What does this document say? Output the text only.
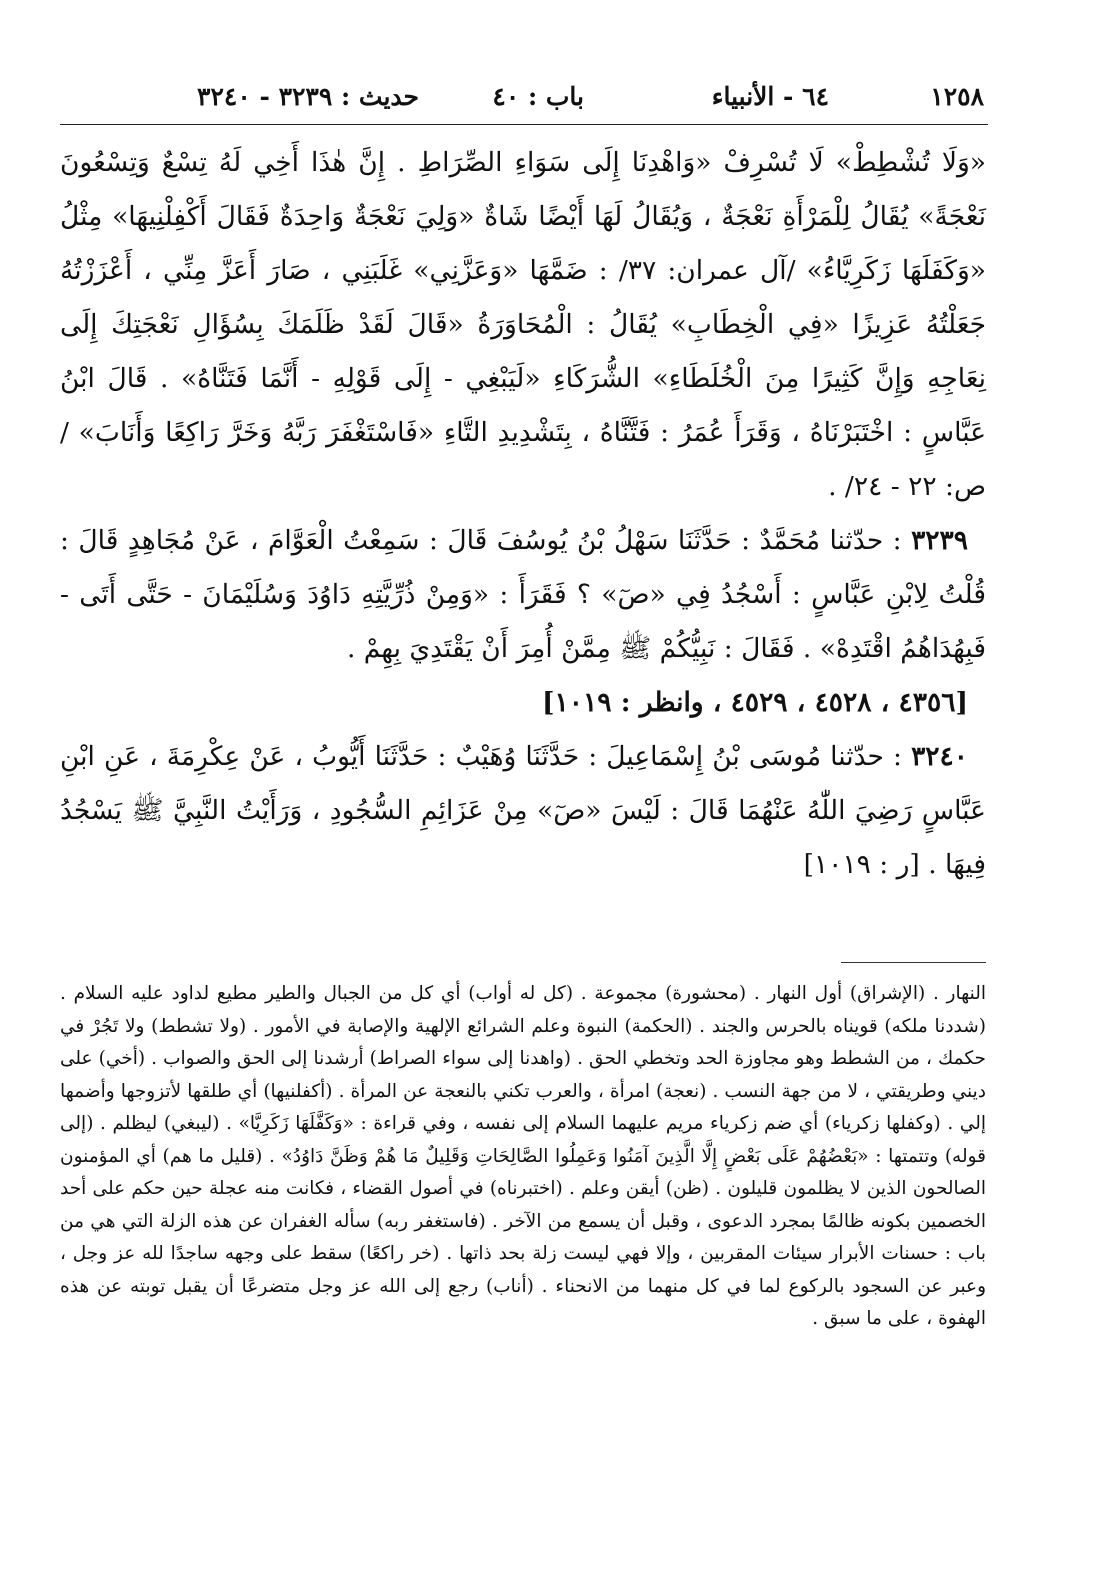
١٢٥٨
٦٤ - الأنبياء
باب : ٤٠
حديث : ٣٢٣٩ - ٣٢٤٠

«وَلَا تُشْطِطْ» لَا تُسْرِفْ «وَاهْدِنَا إِلَى سَوَاءِ الصِّرَاطِ . إِنَّ هٰذَا أَخِي لَهُ تِسْعٌ وَتِسْعُونَ نَعْجَةً» يُقَالُ لِلْمَرْأَةِ نَعْجَةٌ ، وَيُقَالُ لَهَا أَيْضًا شَاةٌ «وَلِيَ نَعْجَةٌ وَاحِدَةٌ فَقَالَ أَكْفِلْنِيهَا» مِثْلُ «وَكَفَلَهَا زَكَرِيَّاءُ» /آل عمران: ٣٧/ : ضَمَّهَا «وَعَزَّنِي» غَلَبَنِي ، صَارَ أَعَزَّ مِنِّي ، أَعْزَزْتُهُ جَعَلْتُهُ عَزِيزًا «فِي الْخِطَابِ» يُقَالُ : الْمُحَاوَرَةُ «قَالَ لَقَدْ ظَلَمَكَ بِسُؤَالِ نَعْجَتِكَ إِلَى نِعَاجِهِ وَإِنَّ كَثِيرًا مِنَ الْخُلَطَاءِ» الشُّرَكَاءِ «لَيَبْغِي - إِلَى قَوْلِهِ - أَنَّمَا فَتَنَّاهُ» . قَالَ ابْنُ عَبَّاسٍ : اخْتَبَرْنَاهُ ، وَقَرَأَ عُمَرُ : فَتَّنَّاهُ ، بِتَشْدِيدِ التَّاءِ «فَاسْتَغْفَرَ رَبَّهُ وَخَرَّ رَاكِعًا وَأَنَابَ» /ص: ٢٢ - ٢٤/ .

٣٢٣٩ : حدّثنا مُحَمَّدٌ : حَدَّثَنَا سَهْلُ بْنُ يُوسُفَ قَالَ : سَمِعْتُ الْعَوَّامَ ، عَنْ مُجَاهِدٍ قَالَ : قُلْتُ لِابْنِ عَبَّاسٍ : أَسْجُدُ فِي «صٓ» ؟ فَقَرَأَ : «وَمِنْ ذُرِّيَّتِهِ دَاوُدَ وَسُلَيْمَانَ - حَتَّى أَتَى - فَبِهُدَاهُمُ اقْتَدِهْ» . فَقَالَ : نَبِيُّكُمْ ﷺ مِمَّنْ أُمِرَ أَنْ يَقْتَدِيَ بِهِمْ .

[٤٣٥٦ ، ٤٥٢٨ ، ٤٥٢٩ ، وانظر : ١٠١٩]

٣٢٤٠ : حدّثنا مُوسَى بْنُ إِسْمَاعِيلَ : حَدَّثَنَا وُهَيْبٌ : حَدَّثَنَا أَيُّوبُ ، عَنْ عِكْرِمَةَ ، عَنِ ابْنِ عَبَّاسٍ رَضِيَ اللّٰهُ عَنْهُمَا قَالَ : لَيْسَ «صٓ» مِنْ عَزَائِمِ السُّجُودِ ، وَرَأَيْتُ النَّبِيَّ ﷺ يَسْجُدُ فِيهَا . [ر : ١٠١٩]

النهار . (الإشراق) أول النهار . (محشورة) مجموعة . (كل له أواب) أي كل من الجبال والطير مطيع لداود عليه السلام . (شددنا ملكه) قويناه بالحرس والجند . (الحكمة) النبوة وعلم الشرائع الإلهية والإصابة في الأمور . (ولا تشطط) ولا تَجُرْ في حكمك ، من الشطط وهو مجاوزة الحد وتخطي الحق . (واهدنا إلى سواء الصراط) أرشدنا إلى الحق والصواب . (أخي) على ديني وطريقتي ، لا من جهة النسب . (نعجة) امرأة ، والعرب تكني بالنعجة عن المرأة . (أكفلنيها) أي طلقها لأتزوجها وأضمها إلي . (وكفلها زكرياء) أي ضم زكرياء مريم عليهما السلام إلى نفسه ، وفي قراءة : «وَكَفَّلَهَا زَكَرِيَّا» . (ليبغي) ليظلم . (إلى قوله) وتتمتها : «بَعْضُهُمْ عَلَى بَعْضٍ إِلَّا الَّذِينَ آمَنُوا وَعَمِلُوا الصَّالِحَاتِ وَقَلِيلٌ مَا هُمْ وَظَنَّ دَاوُدُ» . (قليل ما هم) أي المؤمنون الصالحون الذين لا يظلمون قليلون . (ظن) أيقن وعلم . (اختبرناه) في أصول القضاء ، فكانت منه عجلة حين حكم على أحد الخصمين بكونه ظالمًا بمجرد الدعوى ، وقبل أن يسمع من الآخر . (فاستغفر ربه) سأله الغفران عن هذه الزلة التي هي من باب : حسنات الأبرار سيئات المقربين ، وإلا فهي ليست زلة بحد ذاتها . (خر راكعًا) سقط على وجهه ساجدًا لله عز وجل ، وعبر عن السجود بالركوع لما في كل منهما من الانحناء . (أناب) رجع إلى الله عز وجل متضرعًا أن يقبل توبته عن هذه الهفوة ، على ما سبق .
